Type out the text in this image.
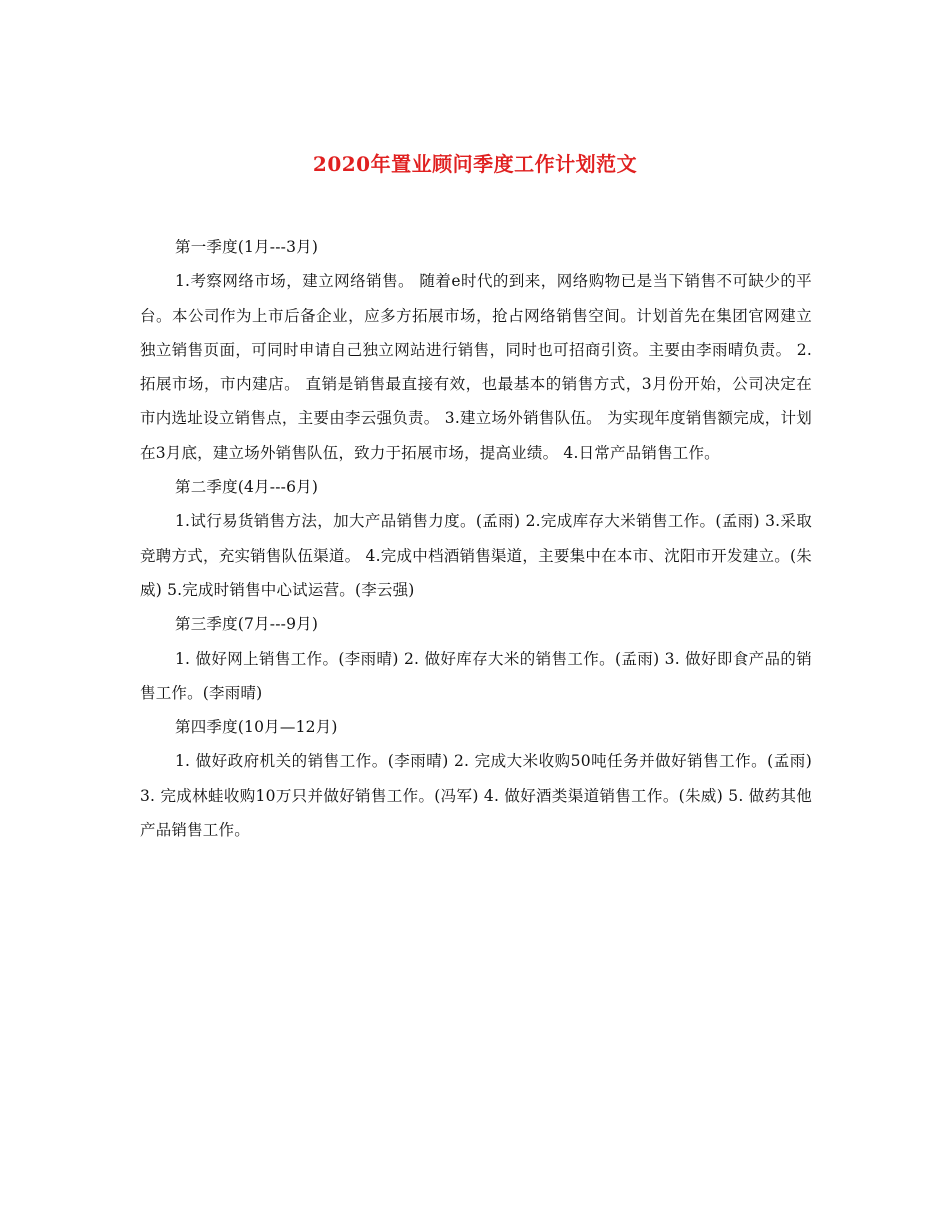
2020年置业顾问季度工作计划范文

第一季度(1月---3月)

1.考察网络市场，建立网络销售。 随着e时代的到来，网络购物已是当下销售不可缺少的平台。本公司作为上市后备企业，应多方拓展市场，抢占网络销售空间。计划首先在集团官网建立独立销售页面，可同时申请自己独立网站进行销售，同时也可招商引资。主要由李雨晴负责。 2.拓展市场，市内建店。 直销是销售最直接有效，也最基本的销售方式，3月份开始，公司决定在市内选址设立销售点，主要由李云强负责。 3.建立场外销售队伍。 为实现年度销售额完成，计划在3月底，建立场外销售队伍，致力于拓展市场，提高业绩。 4.日常产品销售工作。

第二季度(4月---6月)

1.试行易货销售方法，加大产品销售力度。(孟雨) 2.完成库存大米销售工作。(孟雨) 3.采取竞聘方式，充实销售队伍渠道。 4.完成中档酒销售渠道，主要集中在本市、沈阳市开发建立。(朱威) 5.完成时销售中心试运营。(李云强)

第三季度(7月---9月)

1. 做好网上销售工作。(李雨晴) 2. 做好库存大米的销售工作。(孟雨) 3. 做好即食产品的销售工作。(李雨晴)

第四季度(10月—12月)

1. 做好政府机关的销售工作。(李雨晴) 2. 完成大米收购50吨任务并做好销售工作。(孟雨) 3. 完成林蛙收购10万只并做好销售工作。(冯军) 4. 做好酒类渠道销售工作。(朱威) 5. 做药其他产品销售工作。
